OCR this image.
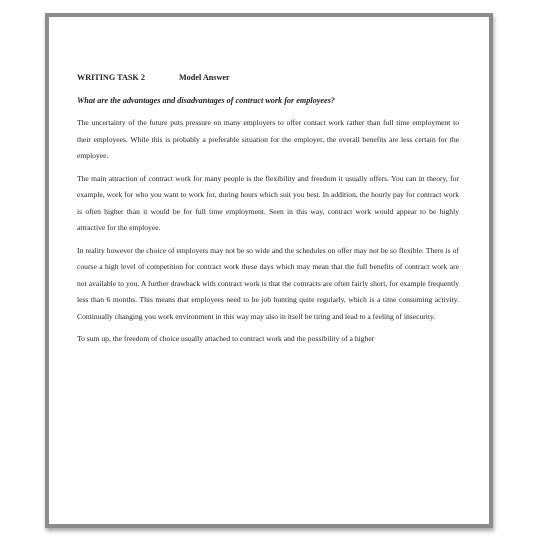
WRITING TASK 2	Model Answer
What are the advantages and disadvantages of contract work for employees?

The uncertainty of the future puts pressure on many employers to offer contact work rather than full time employment to their employees. While this is probably a preferable situation for the employer, the overall benefits are less certain for the employee.

The main attraction of contract work for many people is the flexibility and freedom it usually offers. You can in theory, for example, work for who you want to work for, during hours which suit you best. In addition, the hourly pay for contract work is often higher than it would be for full time employment. Seen in this way, contract work would appear to be highly attractive for the employee.

In reality however the choice of employers may not be so wide and the schedules on offer may not be so flexible. There is of course a high level of competition for contract work these days which may mean that the full benefits of contract work are not available to you. A further drawback with contract work is that the contracts are often fairly short, for example frequently less than 6 months. This means that employees need to be job hunting quite regularly, which is a time consuming activity. Continually changing you work environment in this way may also in itself be tiring and lead to a feeling of insecurity.

To sum up, the freedom of choice usually attached to contract work and the possibility of a higher
